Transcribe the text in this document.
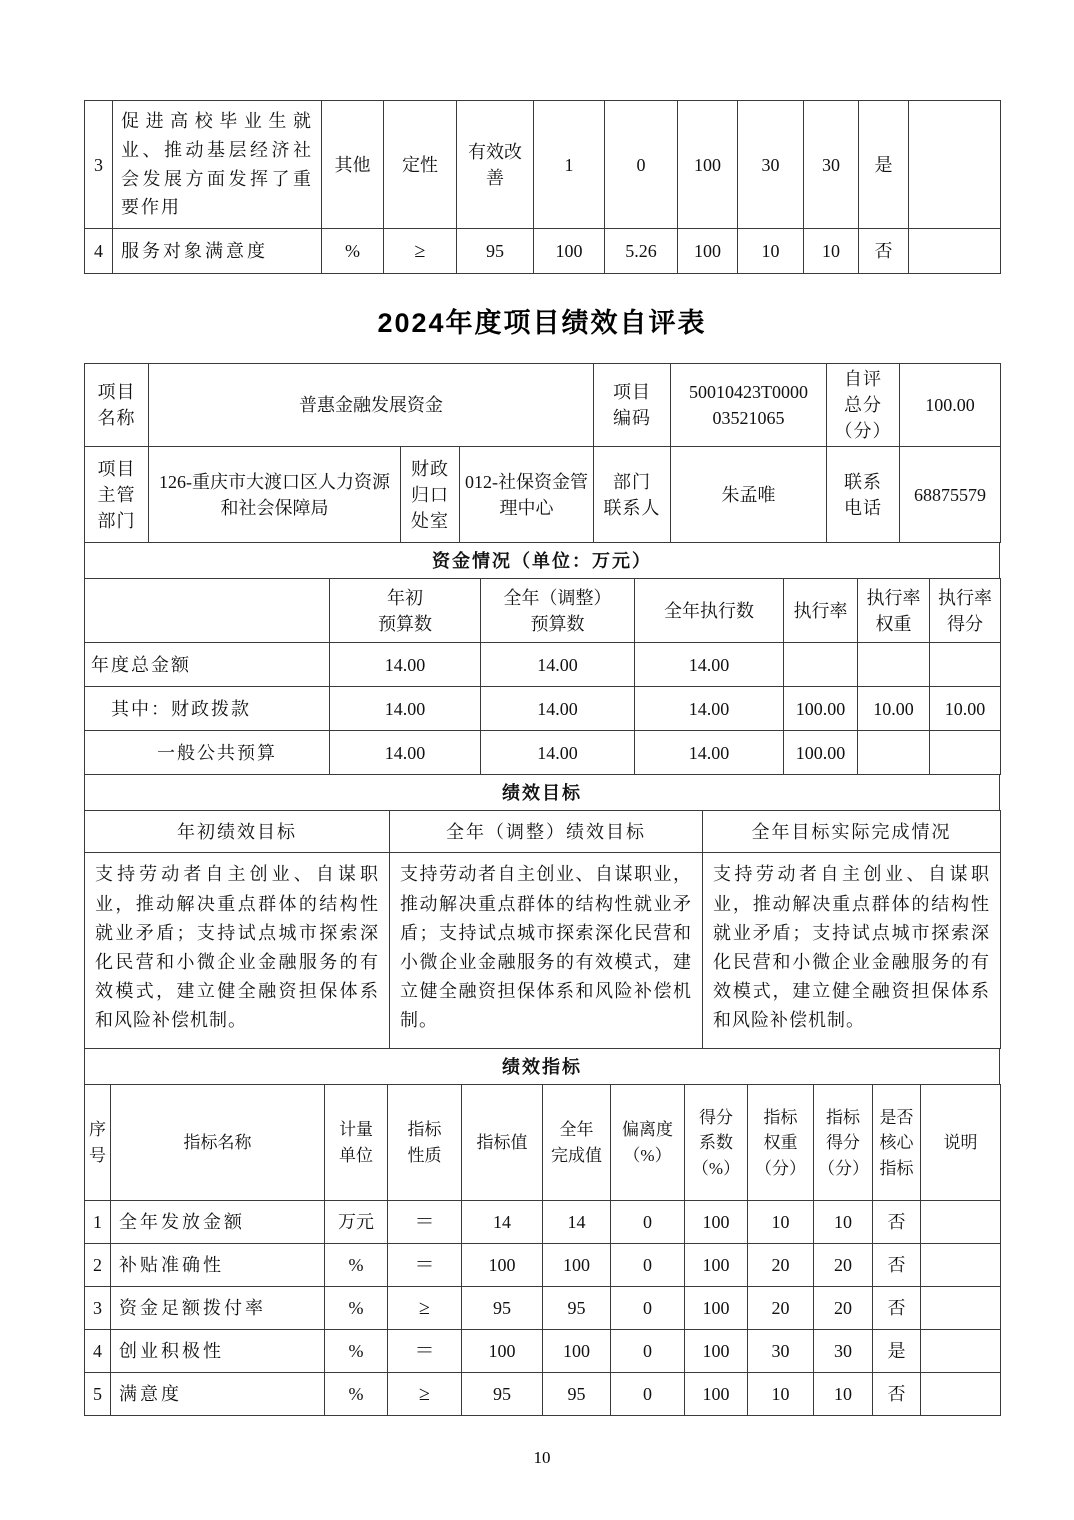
3	促进高校毕业生就业、推动基层经济社会发展方面发挥了重要作用	其他	定性	有效改
善	1	0	100	30	30	是	
4	服务对象满意度	%	≥	95	100	5.26	100	10	10	否	
2024年度项目绩效自评表
项目
名称	普惠金融发展资金	项目
编码	50010423T0000
03521065	自评
总分
（分）	100.00
项目
主管
部门	126-重庆市大渡口区人力资源和社会保障局	财政
归口
处室	012-社保资金管理中心	部门
联系人	朱孟唯	联系
电话	68875579
资金情况（单位：万元）
	年初
预算数	全年（调整）
预算数	全年执行数	执行率	执行率
权重	执行率
得分
年度总金额	14.00	14.00	14.00			
其中：财政拨款	14.00	14.00	14.00	100.00	10.00	10.00
一般公共预算	14.00	14.00	14.00	100.00		
绩效目标
年初绩效目标	全年（调整）绩效目标	全年目标实际完成情况
支持劳动者自主创业、自谋职业，推动解决重点群体的结构性就业矛盾；支持试点城市探索深化民营和小微企业金融服务的有效模式，建立健全融资担保体系和风险补偿机制。	支持劳动者自主创业、自谋职业，推动解决重点群体的结构性就业矛盾；支持试点城市探索深化民营和小微企业金融服务的有效模式，建立健全融资担保体系和风险补偿机制。	支持劳动者自主创业、自谋职业，推动解决重点群体的结构性就业矛盾；支持试点城市探索深化民营和小微企业金融服务的有效模式，建立健全融资担保体系和风险补偿机制。
绩效指标
序
号	指标名称	计量
单位	指标
性质	指标值	全年
完成值	偏离度
（%）	得分
系数
（%）	指标
权重
（分）	指标
得分
（分）	是否
核心
指标	说明
1	全年发放金额	万元	＝	14	14	0	100	10	10	否	
2	补贴准确性	%	＝	100	100	0	100	20	20	否	
3	资金足额拨付率	%	≥	95	95	0	100	20	20	否	
4	创业积极性	%	＝	100	100	0	100	30	30	是	
5	满意度	%	≥	95	95	0	100	10	10	否	
10
